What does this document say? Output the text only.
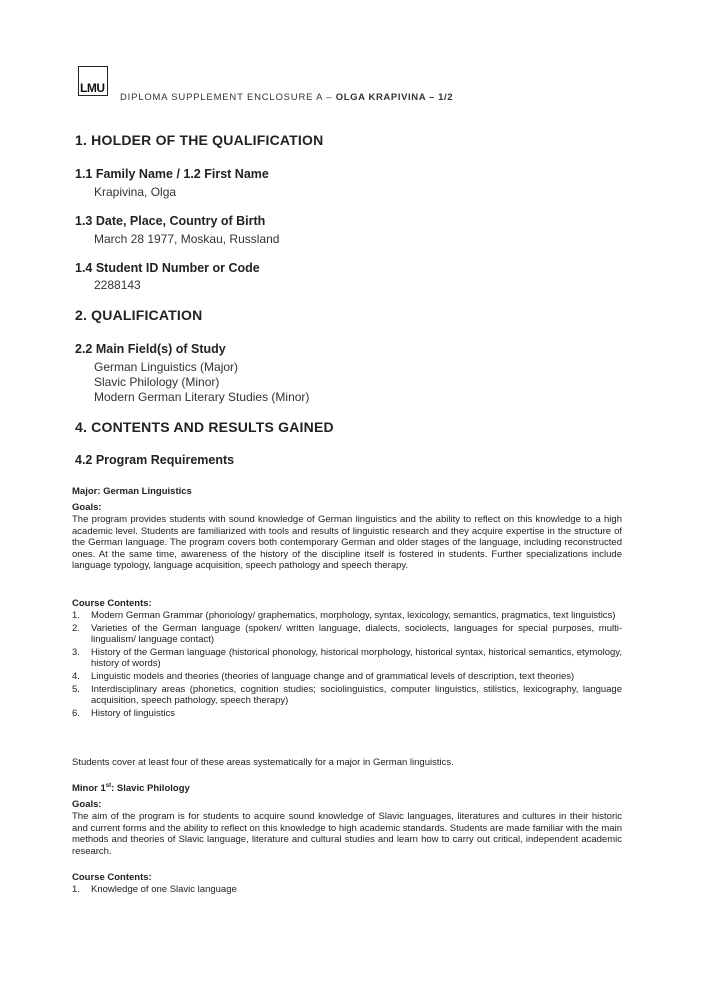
LMU
DIPLOMA SUPPLEMENT ENCLOSURE A – OLGA KRAPIVINA – 1/2
1. HOLDER OF THE QUALIFICATION
1.1 Family Name / 1.2 First Name
Krapivina, Olga
1.3 Date, Place, Country of Birth
March 28 1977, Moskau, Russland
1.4 Student ID Number or Code
2288143
2. QUALIFICATION
2.2 Main Field(s) of Study
German Linguistics (Major)
Slavic Philology (Minor)
Modern German Literary Studies (Minor)
4. CONTENTS AND RESULTS GAINED
4.2 Program Requirements
Major: German Linguistics
Goals:

The program provides students with sound knowledge of German linguistics and the ability to reflect on this knowledge to a high academic level. Students are familiarized with tools and results of linguistic research and they acquire expertise in the structure of the German language. The program covers both contemporary German and older stages of the language, including reconstructed ones. At the same time, awareness of the history of the discipline itself is fostered in students. Further specializations include language typology, language acquisition, speech pathology and speech therapy.

Course Contents:
1. Modern German Grammar (phonology/ graphematics, morphology, syntax, lexicology, semantics, pragmatics, text linguistics)
2. Varieties of the German language (spoken/ written language, dialects, sociolects, languages for special purposes, multi-lingualism/ language contact)
3. History of the German language (historical phonology, historical morphology, historical syntax, historical semantics, etymology, history of words)
4. Linguistic models and theories (theories of language change and of grammatical levels of description, text theories)
5. Interdisciplinary areas (phonetics, cognition studies; sociolinguistics, computer linguistics, stilistics, lexicography, language acquisition, speech pathology, speech therapy)
6. History of linguistics

Students cover at least four of these areas systematically for a major in German linguistics.

Minor 1st: Slavic Philology
Goals:

The aim of the program is for students to acquire sound knowledge of Slavic languages, literatures and cultures in their historic and current forms and the ability to reflect on this knowledge to high academic standards. Students are made familiar with the main methods and theories of Slavic language, literature and cultural studies and learn how to carry out critical, independent academic research.

Course Contents:
1. Knowledge of one Slavic language
